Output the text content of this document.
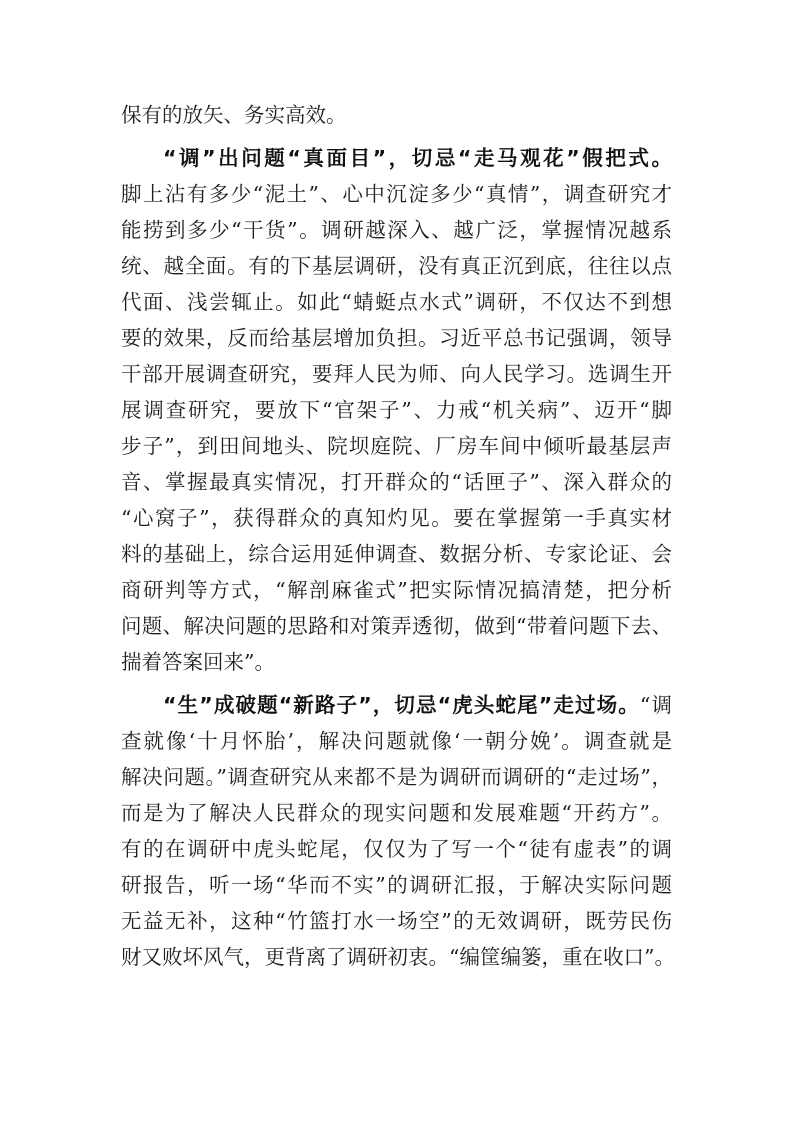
保有的放矢、务实高效。
“调”出问题“真面目”，切忌“走马观花”假把式。
脚上沾有多少“泥土”、心中沉淀多少“真情”，调查研究才
能捞到多少“干货”。调研越深入、越广泛，掌握情况越系
统、越全面。有的下基层调研，没有真正沉到底，往往以点
代面、浅尝辄止。如此“蜻蜓点水式”调研，不仅达不到想
要的效果，反而给基层增加负担。习近平总书记强调，领导
干部开展调查研究，要拜人民为师、向人民学习。选调生开
展调查研究，要放下“官架子”、力戒“机关病”、迈开“脚
步子”，到田间地头、院坝庭院、厂房车间中倾听最基层声
音、掌握最真实情况，打开群众的“话匣子”、深入群众的
“心窝子”，获得群众的真知灼见。要在掌握第一手真实材
料的基础上，综合运用延伸调查、数据分析、专家论证、会
商研判等方式，“解剖麻雀式”把实际情况搞清楚，把分析
问题、解决问题的思路和对策弄透彻，做到“带着问题下去、
揣着答案回来”。
“生”成破题“新路子”，切忌“虎头蛇尾”走过场。“调
查就像‘十月怀胎’，解决问题就像‘一朝分娩’。调查就是
解决问题。”调查研究从来都不是为调研而调研的“走过场”，
而是为了解决人民群众的现实问题和发展难题“开药方”。
有的在调研中虎头蛇尾，仅仅为了写一个“徒有虚表”的调
研报告，听一场“华而不实”的调研汇报，于解决实际问题
无益无补，这种“竹篮打水一场空”的无效调研，既劳民伤
财又败坏风气，更背离了调研初衷。“编筐编篓，重在收口”。
